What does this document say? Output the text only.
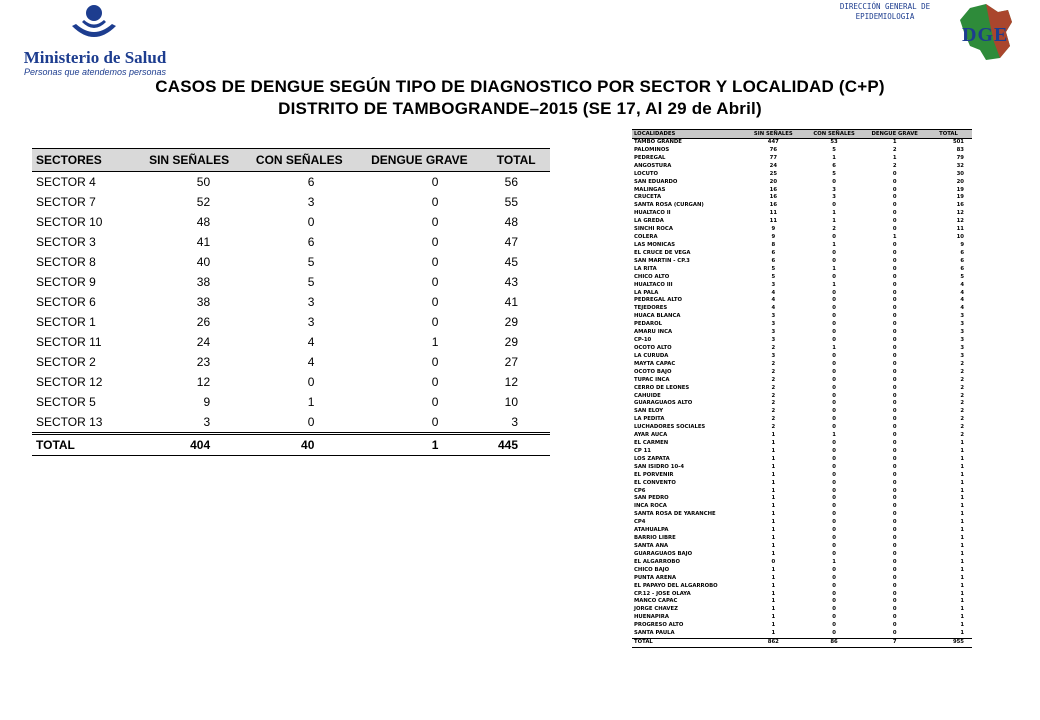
Ministerio de Salud
Personas que atendemos personas
DIRECCIÓN GENERAL DE EPIDEMIOLOGIA
DGE
CASOS DE DENGUE SEGÚN TIPO DE DIAGNOSTICO POR SECTOR Y LOCALIDAD (C+P)
DISTRITO DE TAMBOGRANDE–2015 (SE 17, Al 29 de Abril)
SECTORES	SIN SEÑALES	CON SEÑALES	DENGUE GRAVE	TOTAL
SECTOR 4	50	6	0	56
SECTOR 7	52	3	0	55
SECTOR 10	48	0	0	48
SECTOR 3	41	6	0	47
SECTOR 8	40	5	0	45
SECTOR 9	38	5	0	43
SECTOR 6	38	3	0	41
SECTOR 1	26	3	0	29
SECTOR 11	24	4	1	29
SECTOR 2	23	4	0	27
SECTOR 12	12	0	0	12
SECTOR 5	9	1	0	10
SECTOR 13	3	0	0	3
TOTAL	404	40	1	445
LOCALIDADES	SIN SEÑALES	CON SEÑALES	DENGUE GRAVE	TOTAL
TAMBO GRANDE	447	53	1	501
PALOMINOS	76	5	2	83
PEDREGAL	77	1	1	79
ANGOSTURA	24	6	2	32
LOCUTO	25	5	0	30
SAN EDUARDO	20	0	0	20
MALINGAS	16	3	0	19
CRUCETA	16	3	0	19
SANTA ROSA (CURGAN)	16	0	0	16
HUALTACO II	11	1	0	12
LA GREDA	11	1	0	12
SINCHI ROCA	9	2	0	11
COLERA	9	0	1	10
LAS MONICAS	8	1	0	9
EL CRUCE DE VEGA	6	0	0	6
SAN MARTIN - CP.3	6	0	0	6
LA RITA	5	1	0	6
CHICO ALTO	5	0	0	5
HUALTACO III	3	1	0	4
LA PALA	4	0	0	4
PEDREGAL ALTO	4	0	0	4
TEJEDORES	4	0	0	4
HUACA BLANCA	3	0	0	3
PEDAROL	3	0	0	3
AMARU INCA	3	0	0	3
CP-10	3	0	0	3
OCOTO ALTO	2	1	0	3
LA CURUDA	3	0	0	3
MAYTA CAPAC	2	0	0	2
OCOTO BAJO	2	0	0	2
TUPAC INCA	2	0	0	2
CERRO DE LEONES	2	0	0	2
CAHUIDE	2	0	0	2
GUARAGUAOS ALTO	2	0	0	2
SAN ELOY	2	0	0	2
LA PEDITA	2	0	0	2
LUCHADORES SOCIALES	2	0	0	2
AYAR AUCA	1	1	0	2
EL CARMEN	1	0	0	1
CP 11	1	0	0	1
LOS ZAPATA	1	0	0	1
SAN ISIDRO 10-4	1	0	0	1
EL PORVENIR	1	0	0	1
EL CONVENTO	1	0	0	1
CP6	1	0	0	1
SAN PEDRO	1	0	0	1
INCA ROCA	1	0	0	1
SANTA ROSA DE YARANCHE	1	0	0	1
CP4	1	0	0	1
ATAHUALPA	1	0	0	1
BARRIO LIBRE	1	0	0	1
SANTA ANA	1	0	0	1
GUARAGUAOS BAJO	1	0	0	1
EL ALGARROBO	0	1	0	1
CHICO BAJO	1	0	0	1
PUNTA ARENA	1	0	0	1
EL PAPAYO DEL ALGARROBO	1	0	0	1
CP.12 - JOSE OLAYA	1	0	0	1
MANCO CAPAC	1	0	0	1
JORGE CHAVEZ	1	0	0	1
HUENAPIRA	1	0	0	1
PROGRESO ALTO	1	0	0	1
SANTA PAULA	1	0	0	1
TOTAL	862	86	7	955
